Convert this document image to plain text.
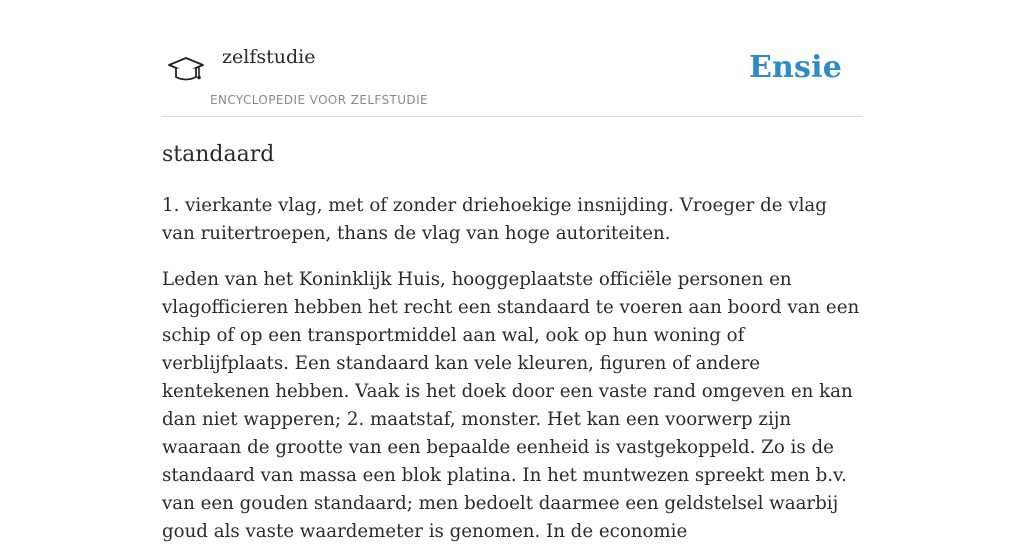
zelfstudie
ENCYCLOPEDIE VOOR ZELFSTUDIE
Ensie
standaard

1. vierkante vlag, met of zonder driehoekige insnijding. Vroeger de vlag van ruitertroepen, thans de vlag van hoge autoriteiten.

Leden van het Koninklijk Huis, hooggeplaatste officiële personen en vlagofficieren hebben het recht een standaard te voeren aan boord van een schip of op een transportmiddel aan wal, ook op hun woning of verblijfplaats. Een standaard kan vele kleuren, figuren of andere kentekenen hebben. Vaak is het doek door een vaste rand omgeven en kan dan niet wapperen; 2. maatstaf, monster. Het kan een voorwerp zijn waaraan de grootte van een bepaalde eenheid is vastgekoppeld. Zo is de standaard van massa een blok platina. In het muntwezen spreekt men b.v. van een gouden standaard; men bedoelt daarmee een geldstelsel waarbij goud als vaste waardemeter is genomen. In de economie
